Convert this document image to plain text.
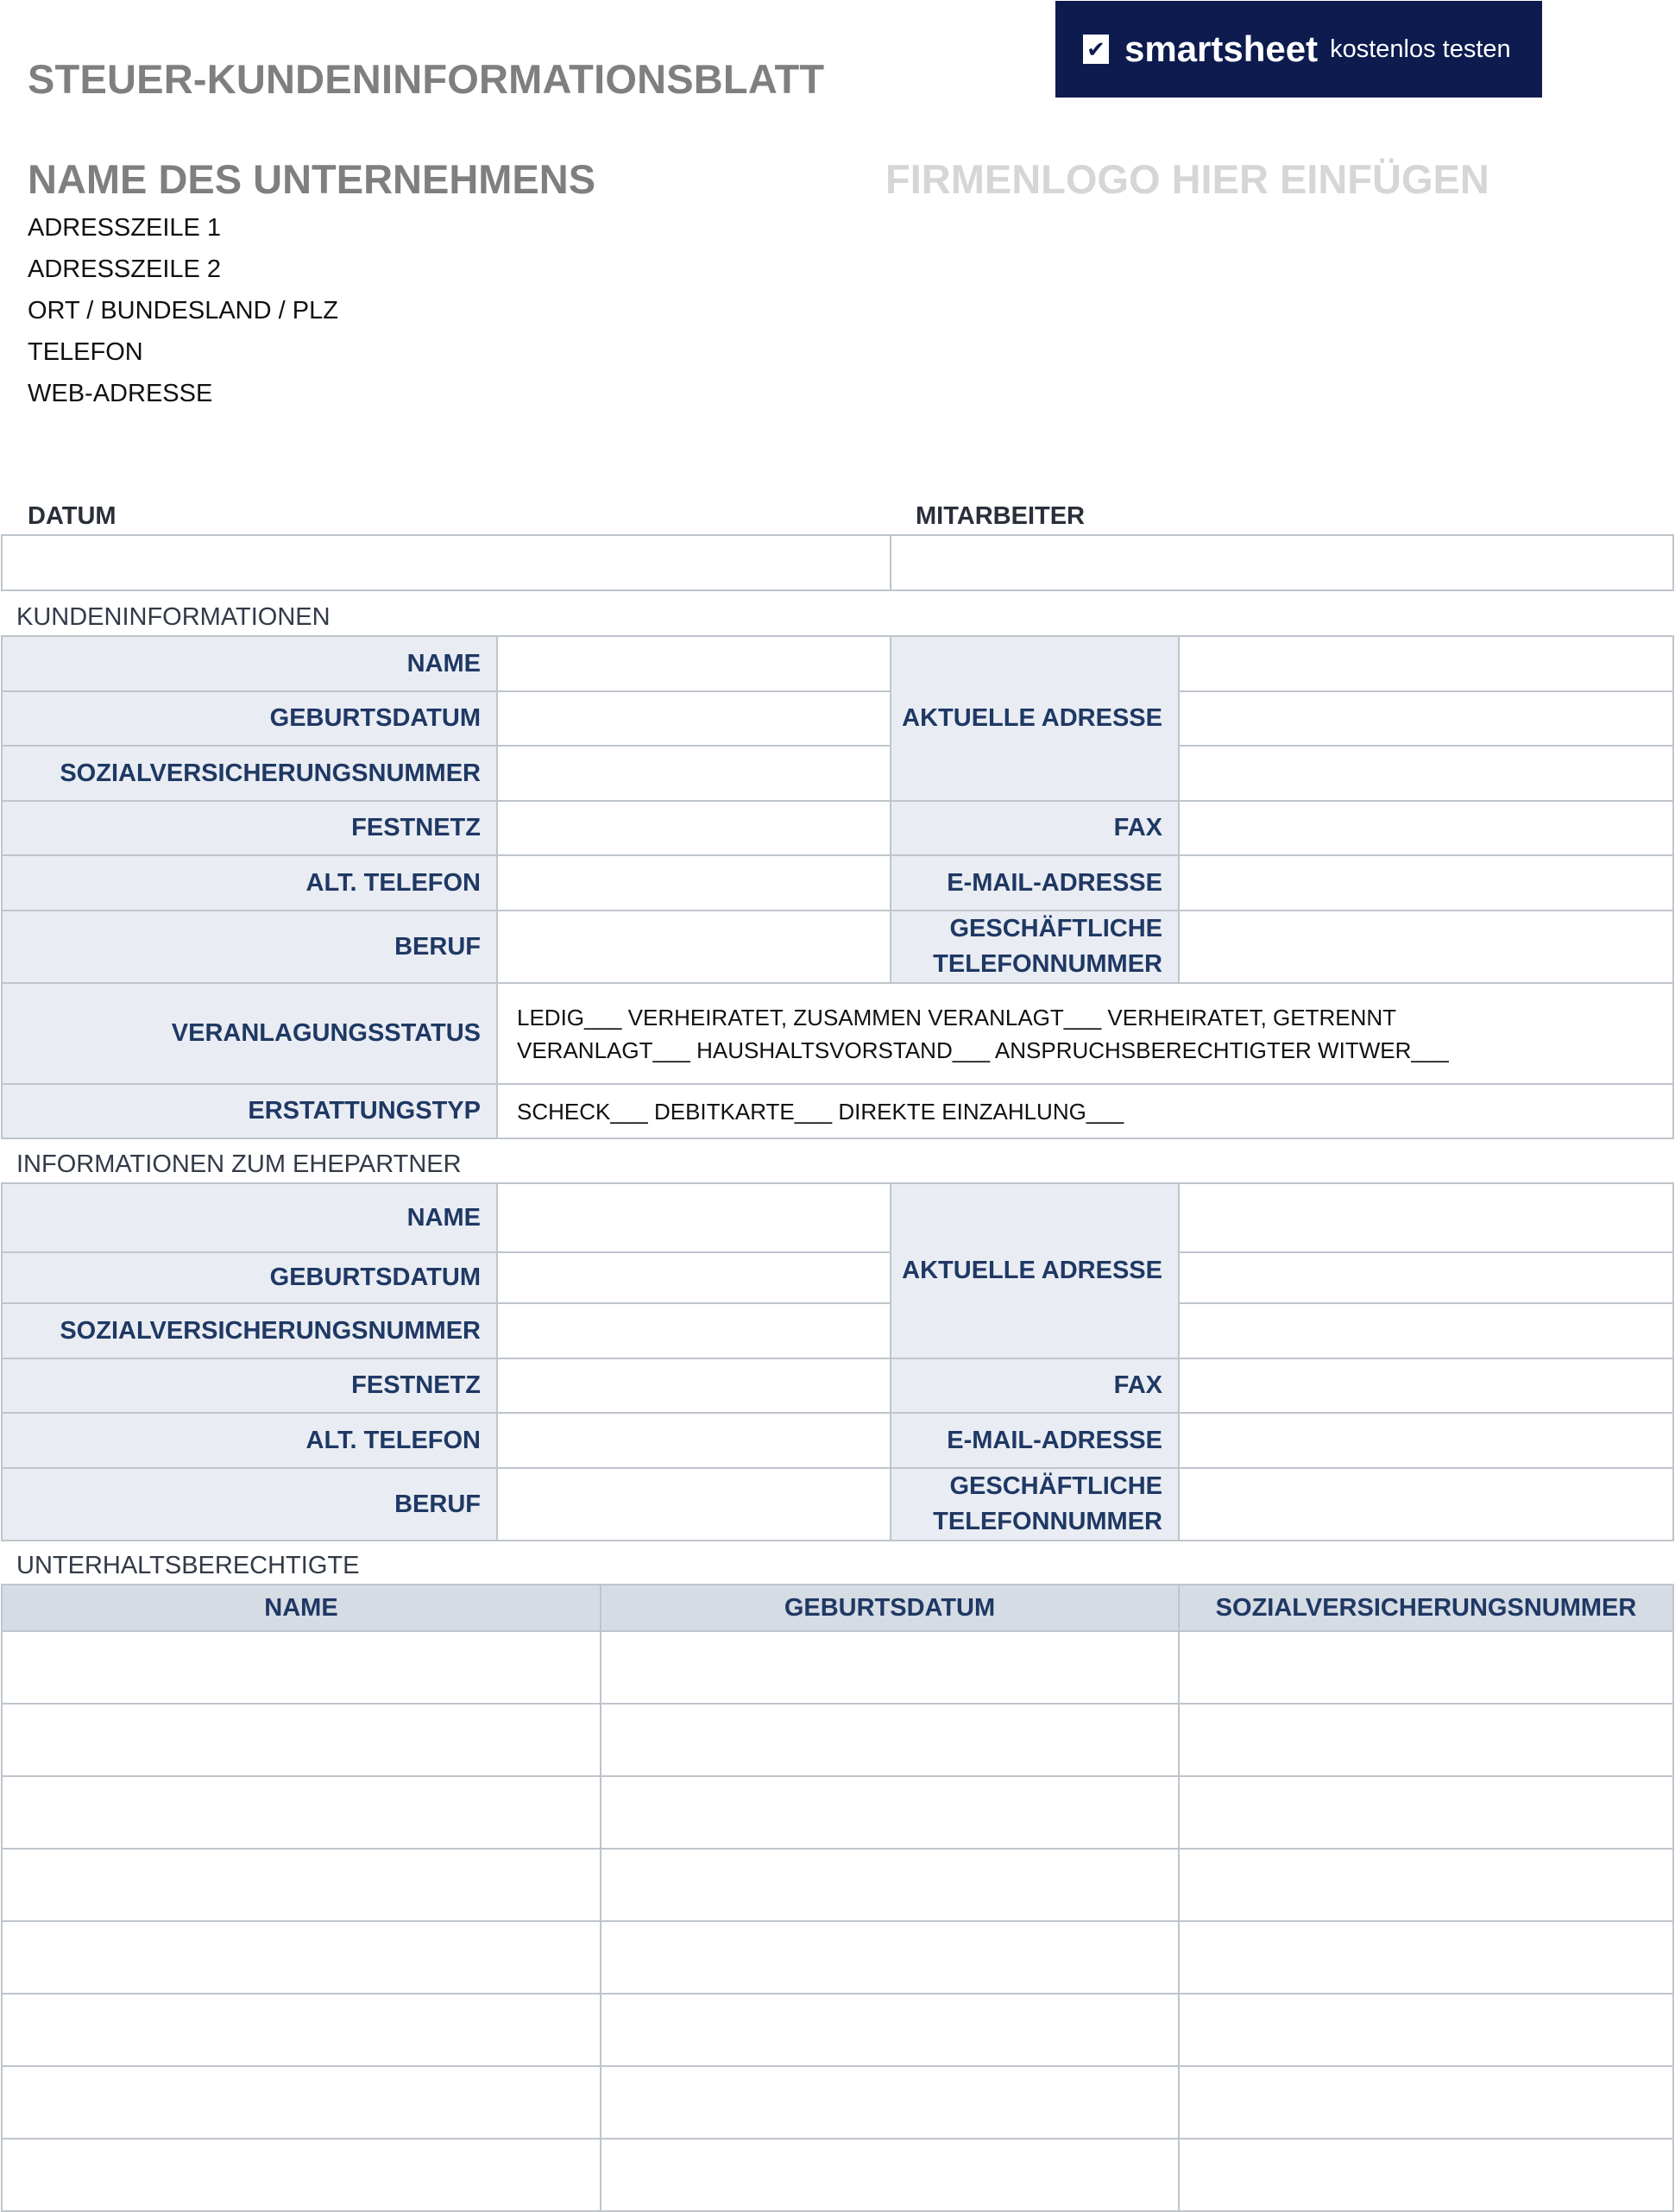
STEUER-KUNDENINFORMATIONSBLATT
✔ smartsheet kostenlos testen
NAME DES UNTERNEHMENS	FIRMENLOGO HIER EINFÜGEN
ADRESSZEILE 1
ADRESSZEILE 2
ORT / BUNDESLAND / PLZ
TELEFON
WEB-ADRESSE
DATUM	MITARBEITER

KUNDENINFORMATIONEN
NAME		AKTUELLE ADRESSE	
GEBURTSDATUM			
SOZIALVERSICHERUNGSNUMMER			
FESTNETZ		FAX	
ALT. TELEFON		E-MAIL-ADRESSE	
BERUF		GESCHÄFTLICHE
TELEFONNUMMER	

VERANLAGUNGSSTATUS	LEDIG___ VERHEIRATET, ZUSAMMEN VERANLAGT___ VERHEIRATET, GETRENNT
VERANLAGT___ HAUSHALTSVORSTAND___ ANSPRUCHSBERECHTIGTER WITWER___		

ERSTATTUNGSTYP	SCHECK___ DEBITKARTE___ DIREKTE EINZAHLUNG___		
INFORMATIONEN ZUM EHEPARTNER
NAME		AKTUELLE ADRESSE	
GEBURTSDATUM			
SOZIALVERSICHERUNGSNUMMER			
FESTNETZ		FAX	
ALT. TELEFON		E-MAIL-ADRESSE	
BERUF		GESCHÄFTLICHE
TELEFONNUMMER	

UNTERHALTSBERECHTIGTE
NAME	GEBURTSDATUM	SOZIALVERSICHERUNGSNUMMER
